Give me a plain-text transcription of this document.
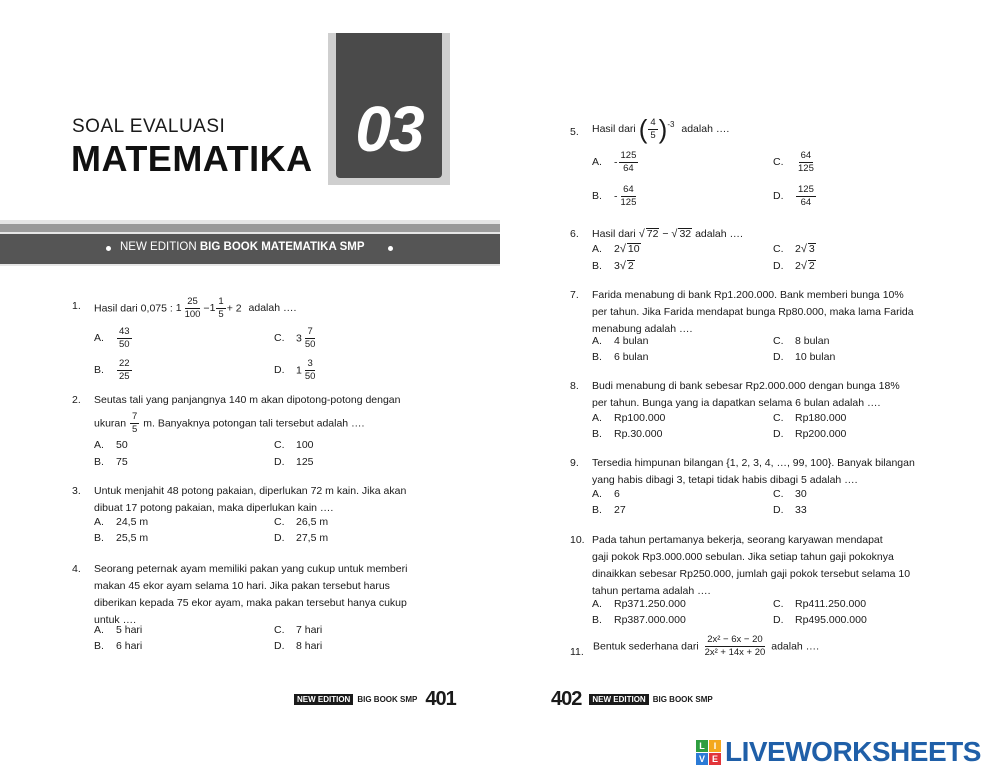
SOAL EVALUASI
MATEMATIKA 03
NEW EDITION BIG BOOK MATEMATIKA SMP
1. Hasil dari 0,075 : $1 \frac{25}{100} -1 \frac{1}{5} + 2$ adalah ….
A. $\frac{43}{50}$	C. $3 \frac{7}{50}$
B. $\frac{22}{25}$	D. $1 \frac{3}{50}$
2. Seutas tali yang panjangnya 140 m akan dipotong-potong dengan
ukuran $\frac{7}{5} m$. Banyaknya potongan tali tersebut adalah ….
A. 50	C. 100
B. 75	D. 125
3. Untuk menjahit 48 potong pakaian, diperlukan 72 m kain. Jika akan
dibuat 17 potong pakaian, maka diperlukan kain ….
A. 24,5 m	C. 26,5 m
B. 25,5 m	D. 27,5 m
4. Seorang peternak ayam memiliki pakan yang cukup untuk memberi
makan 45 ekor ayam selama 10 hari. Jika pakan tersebut harus
diberikan kepada 75 ekor ayam, maka pakan tersebut hanya cukup
untuk ….
A. 5 hari	C. 7 hari
B. 6 hari	D. 8 hari
5. Hasil dari ( $\frac{4}{5} )^{-3}$ adalah ….
A. - $\frac{125}{64}$	C. $\frac{64}{125}$
B. - $\frac{64}{125}$	D. $\frac{125}{64}$
6. Hasil dari √ 72 − √ 32 adalah ….
A. 2√ 10	C. 2√ 3
B. 3√ 2	D. 2√ 2
7. Farida menabung di bank Rp1.200.000. Bank memberi bunga 10%
per tahun. Jika Farida mendapat bunga Rp80.000, maka lama Farida
menabung adalah ….
A. 4 bulan	C. 8 bulan
B. 6 bulan	D. 10 bulan
8. Budi menabung di bank sebesar Rp2.000.000 dengan bunga 18%
per tahun. Bunga yang ia dapatkan selama 6 bulan adalah ….
A. Rp100.000	C. Rp180.000
B. Rp.30.000	D. Rp200.000
9. Tersedia himpunan bilangan {1, 2, 3, 4, …, 99, 100}. Banyak bilangan
yang habis dibagi 3, tetapi tidak habis dibagi 5 adalah ….
A. 6	C. 30
B. 27	D. 33
10. Pada tahun pertamanya bekerja, seorang karyawan mendapat
gaji pokok Rp3.000.000 sebulan. Jika setiap tahun gaji pokoknya
dinaikkan sebesar Rp250.000, jumlah gaji pokok tersebut selama 10
tahun pertama adalah ….
A. Rp371.250.000	C. Rp411.250.000
B. Rp387.000.000	D. Rp495.000.000
11. Bentuk sederhana dari $\frac{\text{2x² − 6x − 20}}{\text{2x² + 14x + 20}}$ adalah ….
NEW EDITION BIG BOOK SMP 401	402	NEW EDITION BIG BOOK SMP
L I
V E LIVEWORKSHEETS
